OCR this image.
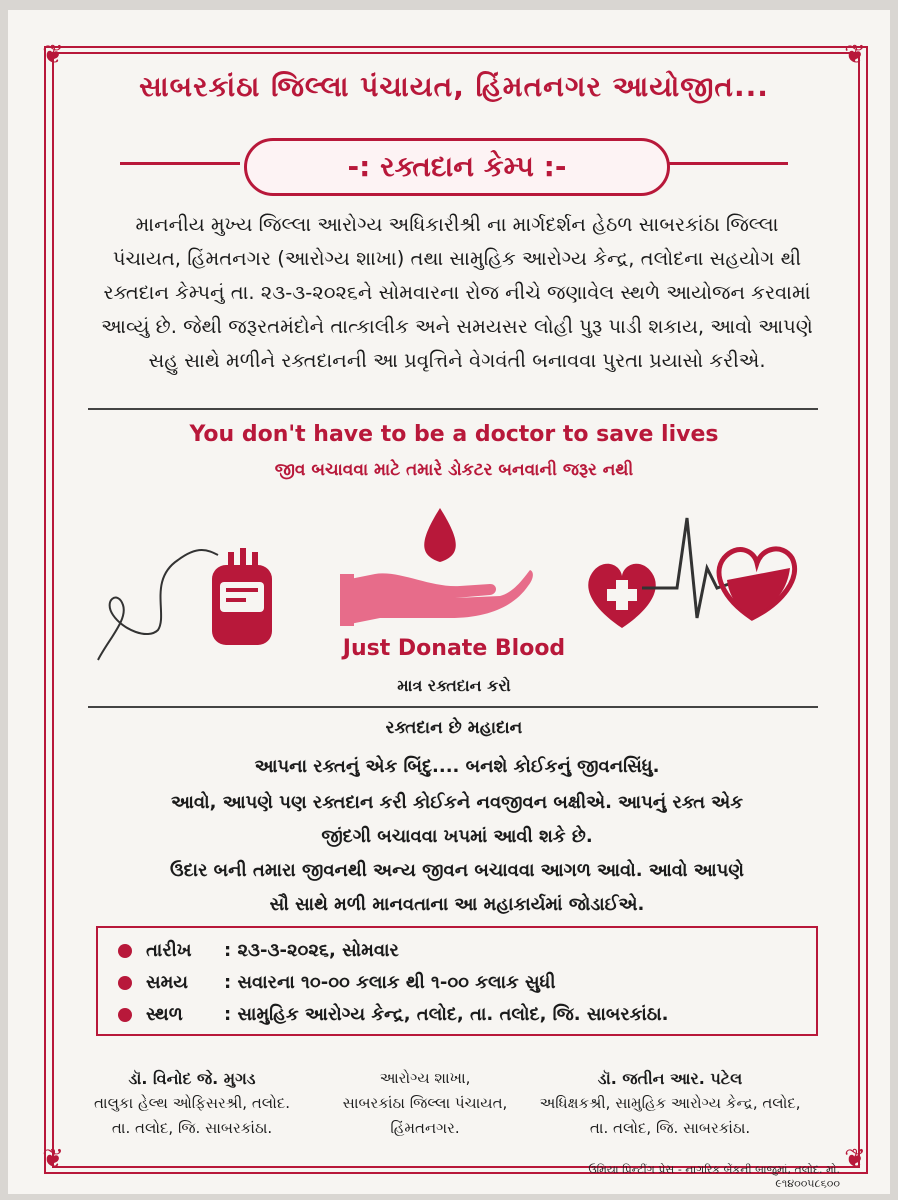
❦	❦
❦	❦
સાબરકાંઠા જિલ્લા પંચાયત, હિંમતનગર આયોજીત...
-: રક્તદાન કેમ્પ :-
માનનીય મુખ્ય જિલ્લા આરોગ્ય અધિકારીશ્રી ના માર્ગદર્શન હેઠળ સાબરકાંઠા જિલ્લા
પંચાયત, હિંમતનગર (આરોગ્ય શાખા) તથા સામુહિક આરોગ્ય કેન્દ્ર, તલોદના સહયોગ થી
રક્તદાન કેમ્પનું તા. ૨૩-૩-૨૦૨૬ને સોમવારના રોજ નીચે જણાવેલ સ્થળે આયોજન કરવામાં
આવ્યું છે. જેથી જરૂરતમંદોને તાત્કાલીક અને સમયસર લોહી પુરૂ પાડી શકાય, આવો આપણે
સહુ સાથે મળીને રક્તદાનની આ પ્રવૃત્તિને વેગવંતી બનાવવા પુરતા પ્રયાસો કરીએ.
You don't have to be a doctor to save lives
જીવ બચાવવા માટે તમારે ડોકટર બનવાની જરૂર નથી
Just Donate Blood
માત્ર રક્તદાન કરો
રક્તદાન છે મહાદાન
આપના રક્તનું એક બિંદુ.... બનશે કોઈકનું જીવનસિંધુ.
આવો, આપણે પણ રક્તદાન કરી કોઈકને નવજીવન બક્ષીએ. આપનું રક્ત એક
જીંદગી બચાવવા ખપમાં આવી શકે છે.
ઉદાર બની તમારા જીવનથી અન્ય જીવન બચાવવા આગળ આવો. આવો આપણે
સૌ સાથે મળી માનવતાના આ મહાકાર્યમાં જોડાઈએ.
તારીખ : ૨૩-૩-૨૦૨૬, સોમવાર
સમય : સવારના ૧૦-૦૦ કલાક થી ૧-૦૦ કલાક સુધી
સ્થળ : સામુહિક આરોગ્ય કેન્દ્ર, તલોદ, તા. તલોદ, જિ. સાબરકાંઠા.
ડૉ. વિનોદ જે. મુગડ
તાલુકા હેલ્થ ઓફિસરશ્રી, તલોદ.
તા. તલોદ, જિ. સાબરકાંઠા.
આરોગ્ય શાખા,
સાબરકાંઠા જિલ્લા પંચાયત,
હિંમતનગર.
ડૉ. જતીન આર. પટેલ
અધિક્ષકશ્રી, સામુહિક આરોગ્ય કેન્દ્ર, તલોદ,
તા. તલોદ, જિ. સાબરકાંઠા.
ઉમિયા પ્રિન્ટીંગ પ્રેસ - નાગરિક બેંકની બાજુમાં, તલોદ. મો. ૯૧૪૦૦૫૮૬૦૦
